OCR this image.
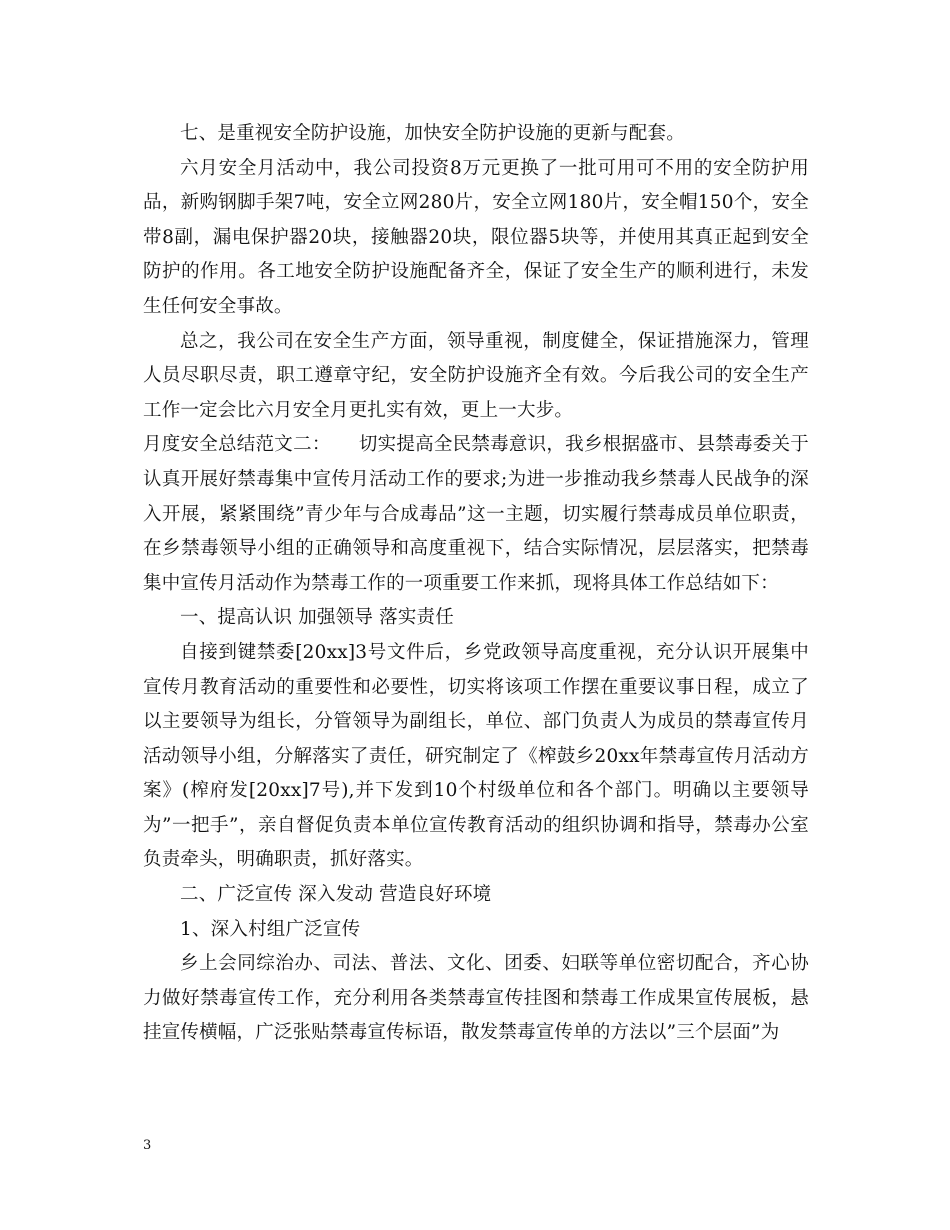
七、是重视安全防护设施，加快安全防护设施的更新与配套。

六月安全月活动中，我公司投资8万元更换了一批可用可不用的安全防护用品，新购钢脚手架7吨，安全立网280片，安全立网180片，安全帽150个，安全带8副，漏电保护器20块，接触器20块，限位器5块等，并使用其真正起到安全防护的作用。各工地安全防护设施配备齐全，保证了安全生产的顺利进行，未发生任何安全事故。

总之，我公司在安全生产方面，领导重视，制度健全，保证措施深力，管理人员尽职尽责，职工遵章守纪，安全防护设施齐全有效。今后我公司的安全生产工作一定会比六月安全月更扎实有效，更上一大步。

月度安全总结范文二：　　切实提高全民禁毒意识，我乡根据盛市、县禁毒委关于认真开展好禁毒集中宣传月活动工作的要求;为进一步推动我乡禁毒人民战争的深入开展，紧紧围绕”青少年与合成毒品”这一主题，切实履行禁毒成员单位职责，在乡禁毒领导小组的正确领导和高度重视下，结合实际情况，层层落实，把禁毒集中宣传月活动作为禁毒工作的一项重要工作来抓，现将具体工作总结如下：

一、提高认识 加强领导 落实责任

自接到键禁委[20xx]3号文件后，乡党政领导高度重视，充分认识开展集中宣传月教育活动的重要性和必要性，切实将该项工作摆在重要议事日程，成立了以主要领导为组长，分管领导为副组长，单位、部门负责人为成员的禁毒宣传月活动领导小组，分解落实了责任，研究制定了《榨鼓乡20xx年禁毒宣传月活动方案》(榨府发[20xx]7号),并下发到10个村级单位和各个部门。明确以主要领导为”一把手”，亲自督促负责本单位宣传教育活动的组织协调和指导，禁毒办公室负责牵头，明确职责，抓好落实。

二、广泛宣传 深入发动 营造良好环境

1、深入村组广泛宣传

乡上会同综治办、司法、普法、文化、团委、妇联等单位密切配合，齐心协力做好禁毒宣传工作，充分利用各类禁毒宣传挂图和禁毒工作成果宣传展板，悬挂宣传横幅，广泛张贴禁毒宣传标语，散发禁毒宣传单的方法以”三个层面”为

3
